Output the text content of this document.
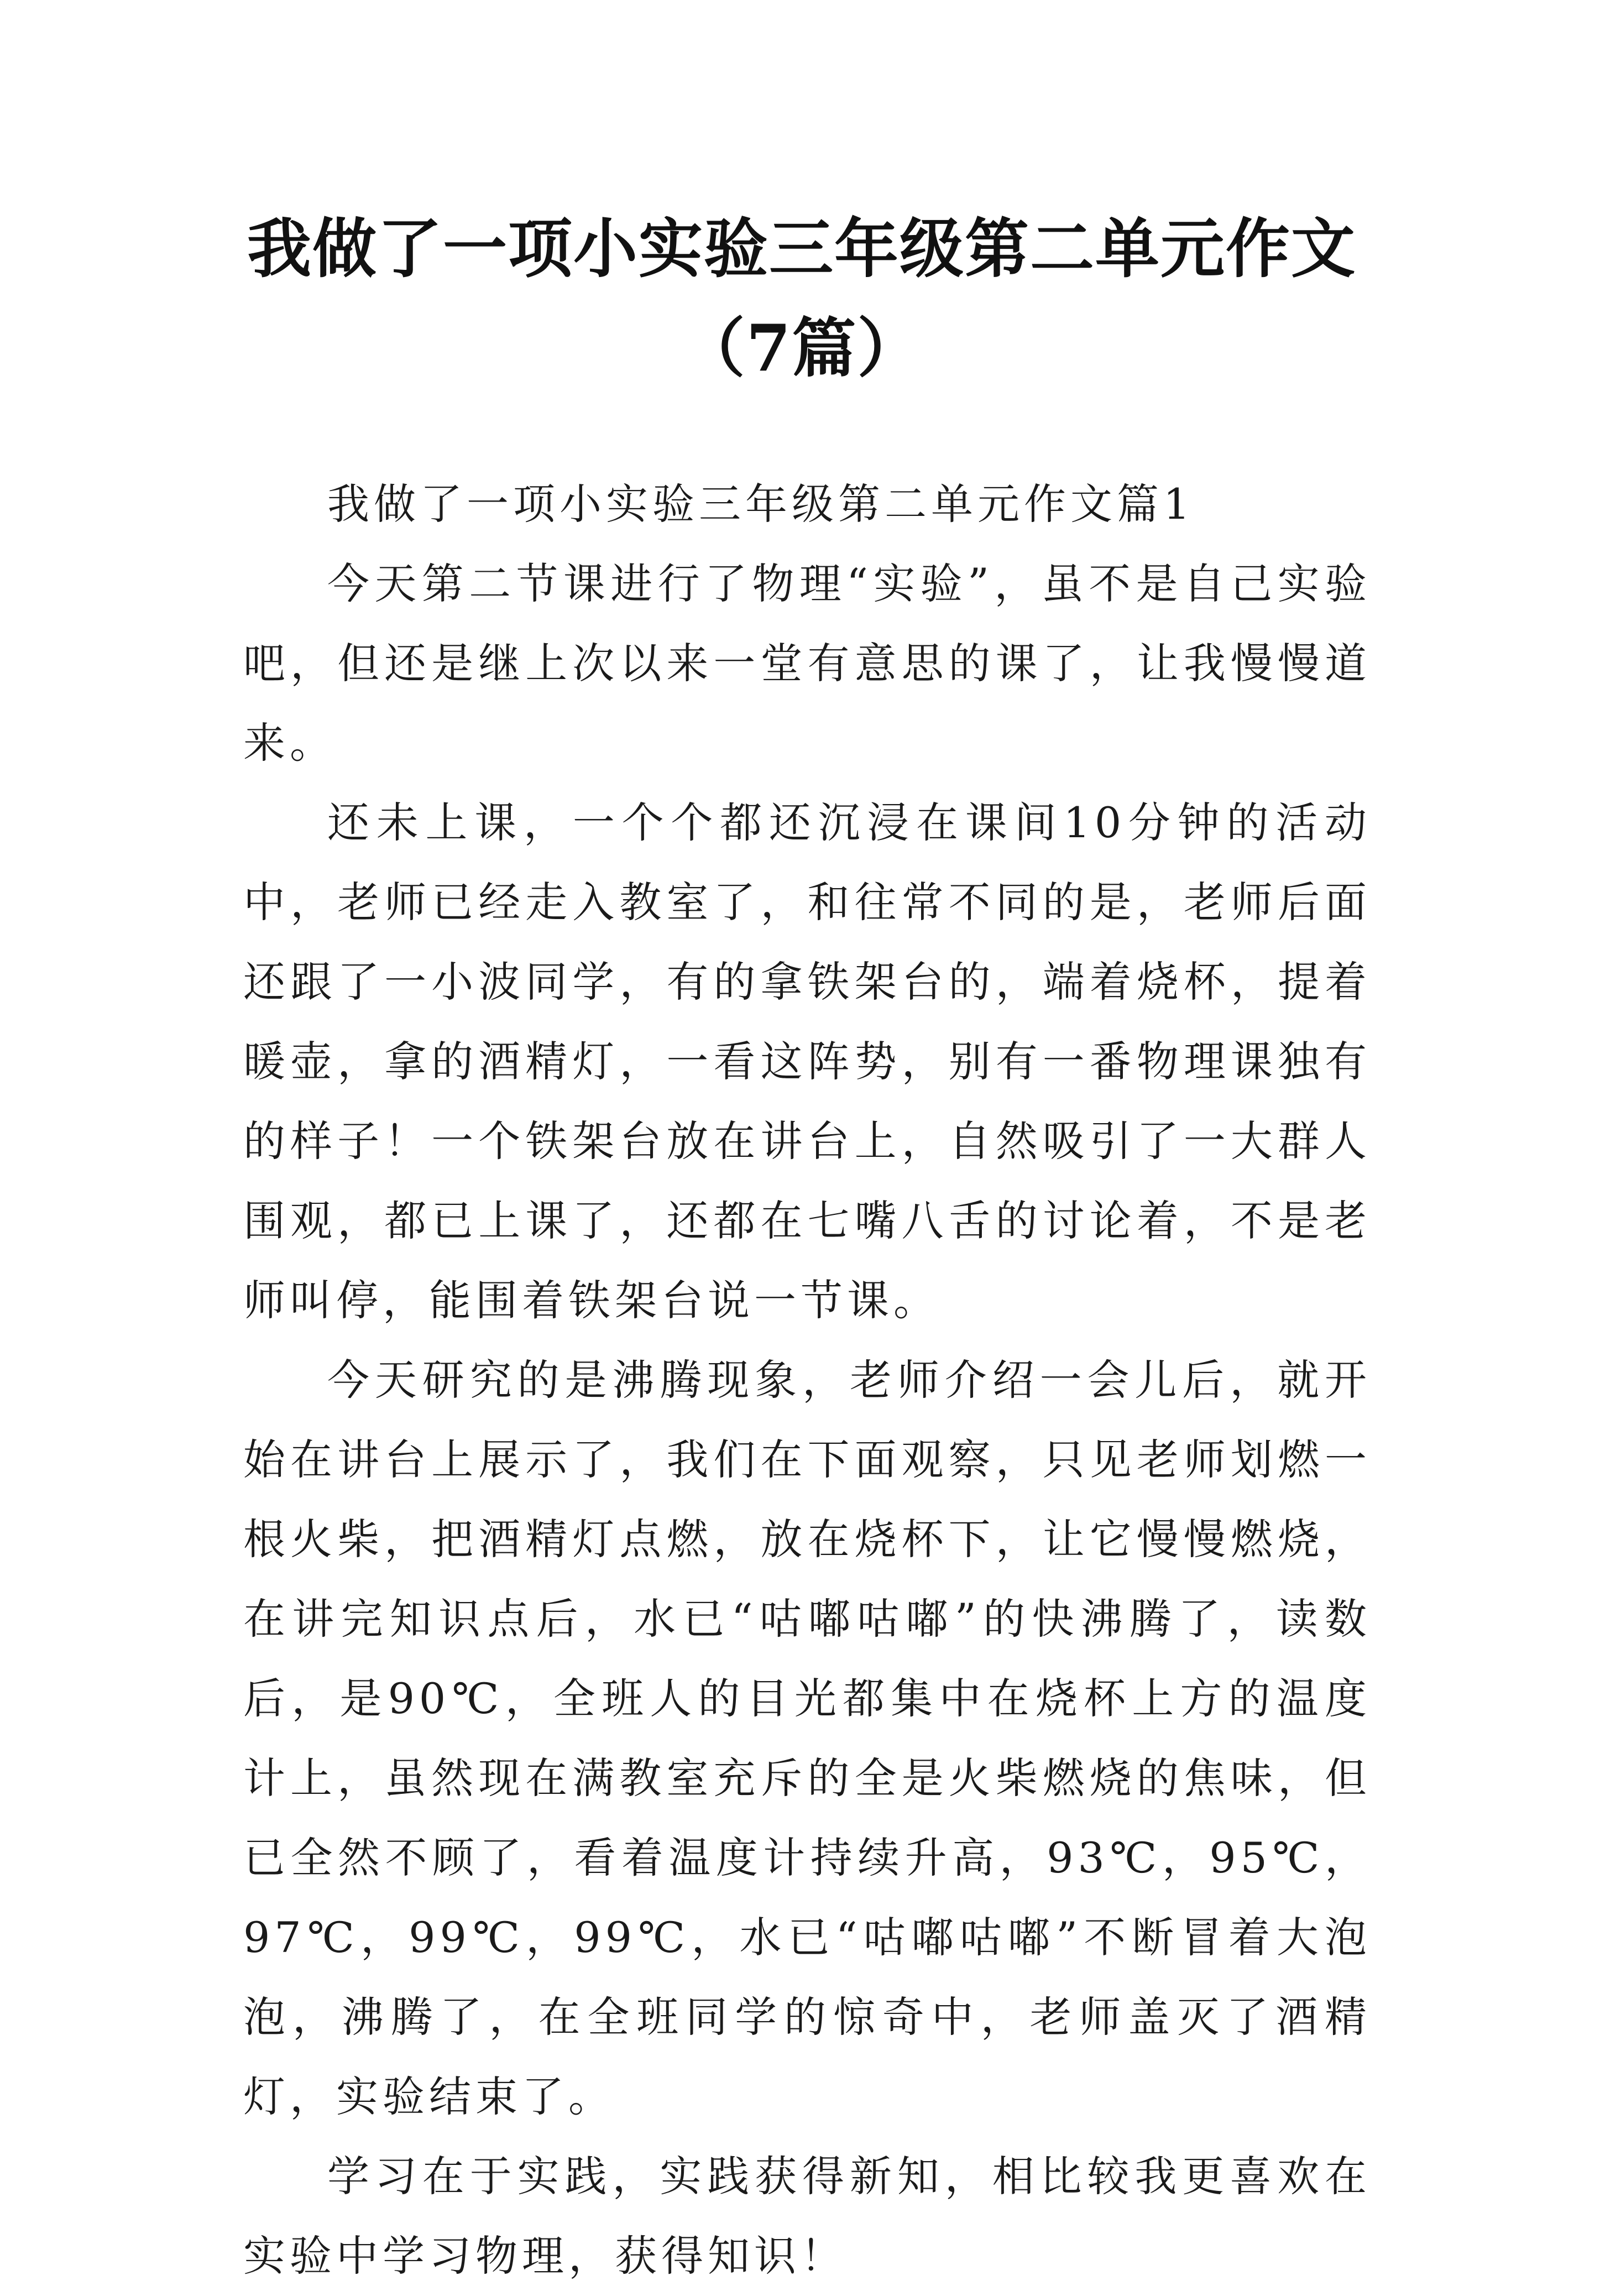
我做了一项小实验三年级第二单元作文（7篇）

我做了一项小实验三年级第二单元作文篇1

今天第二节课进行了物理“实验”，虽不是自己实验吧，但还是继上次以来一堂有意思的课了，让我慢慢道来。

还未上课，一个个都还沉浸在课间10分钟的活动中，老师已经走入教室了，和往常不同的是，老师后面还跟了一小波同学，有的拿铁架台的，端着烧杯，提着暖壶，拿的酒精灯，一看这阵势，别有一番物理课独有的样子！一个铁架台放在讲台上，自然吸引了一大群人围观，都已上课了，还都在七嘴八舌的讨论着，不是老师叫停，能围着铁架台说一节课。

今天研究的是沸腾现象，老师介绍一会儿后，就开始在讲台上展示了，我们在下面观察，只见老师划燃一根火柴，把酒精灯点燃，放在烧杯下，让它慢慢燃烧，在讲完知识点后，水已“咕嘟咕嘟”的快沸腾了，读数后，是90℃，全班人的目光都集中在烧杯上方的温度计上，虽然现在满教室充斥的全是火柴燃烧的焦味，但已全然不顾了，看着温度计持续升高，93℃，95℃，97℃，99℃，99℃，水已“咕嘟咕嘟”不断冒着大泡泡，沸腾了，在全班同学的惊奇中，老师盖灭了酒精灯，实验结束了。

学习在于实践，实践获得新知，相比较我更喜欢在实验中学习物理，获得知识！
